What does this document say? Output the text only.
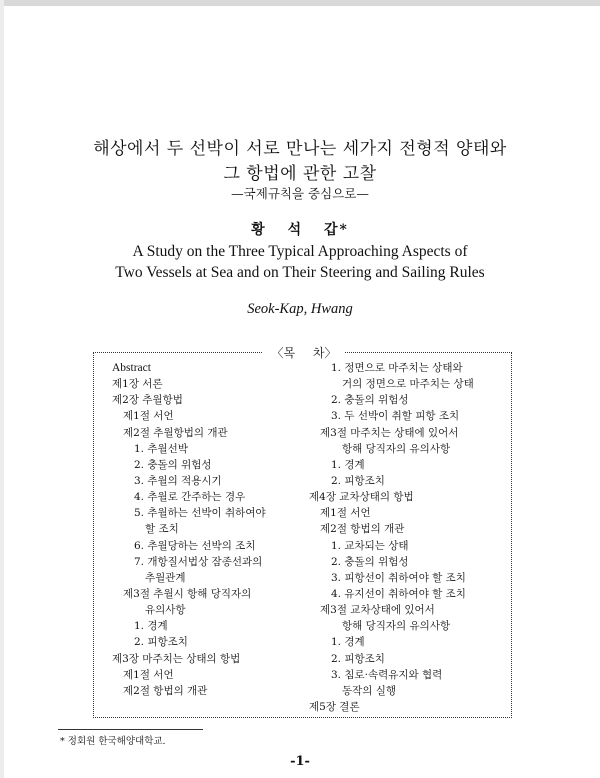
해상에서 두 선박이 서로 만나는 세가지 전형적 양태와
그 항법에 관한 고찰
—국제규칙을 중심으로—
황 석 갑*
A Study on the Three Typical Approaching Aspects of
Two Vessels at Sea and on Their Steering and Sailing Rules
Seok-Kap, Hwang
〈목 차〉
Abstract
제1장 서론
제2장 추월항법
제1절 서언
제2절 추월항법의 개관
1. 추월선박
2. 충돌의 위험성
3. 추월의 적용시기
4. 추월로 간주하는 경우
5. 추월하는 선박이 취하여야
할 조치
6. 추월당하는 선박의 조치
7. 개항질서법상 잠종선과의
추월관계
제3절 추월시 항해 당직자의
유의사항
1. 경계
2. 피항조치
제3장 마주치는 상태의 항법
제1절 서언
제2절 항법의 개관
1. 정면으로 마주치는 상태와
거의 정면으로 마주치는 상태
2. 충돌의 위험성
3. 두 선박이 취할 피항 조치
제3절 마주치는 상태에 있어서
항해 당직자의 유의사항
1. 경계
2. 피항조치
제4장 교차상태의 항법
제1절 서언
제2절 항법의 개관
1. 교차되는 상태
2. 충돌의 위험성
3. 피항선이 취하여야 할 조치
4. 유지선이 취하여야 할 조치
제3절 교차상태에 있어서
항해 당직자의 유의사항
1. 경계
2. 피항조치
3. 침로·속력유지와 협력
동작의 실행
제5장 결론
* 정회원 한국해양대학교.
-1-
